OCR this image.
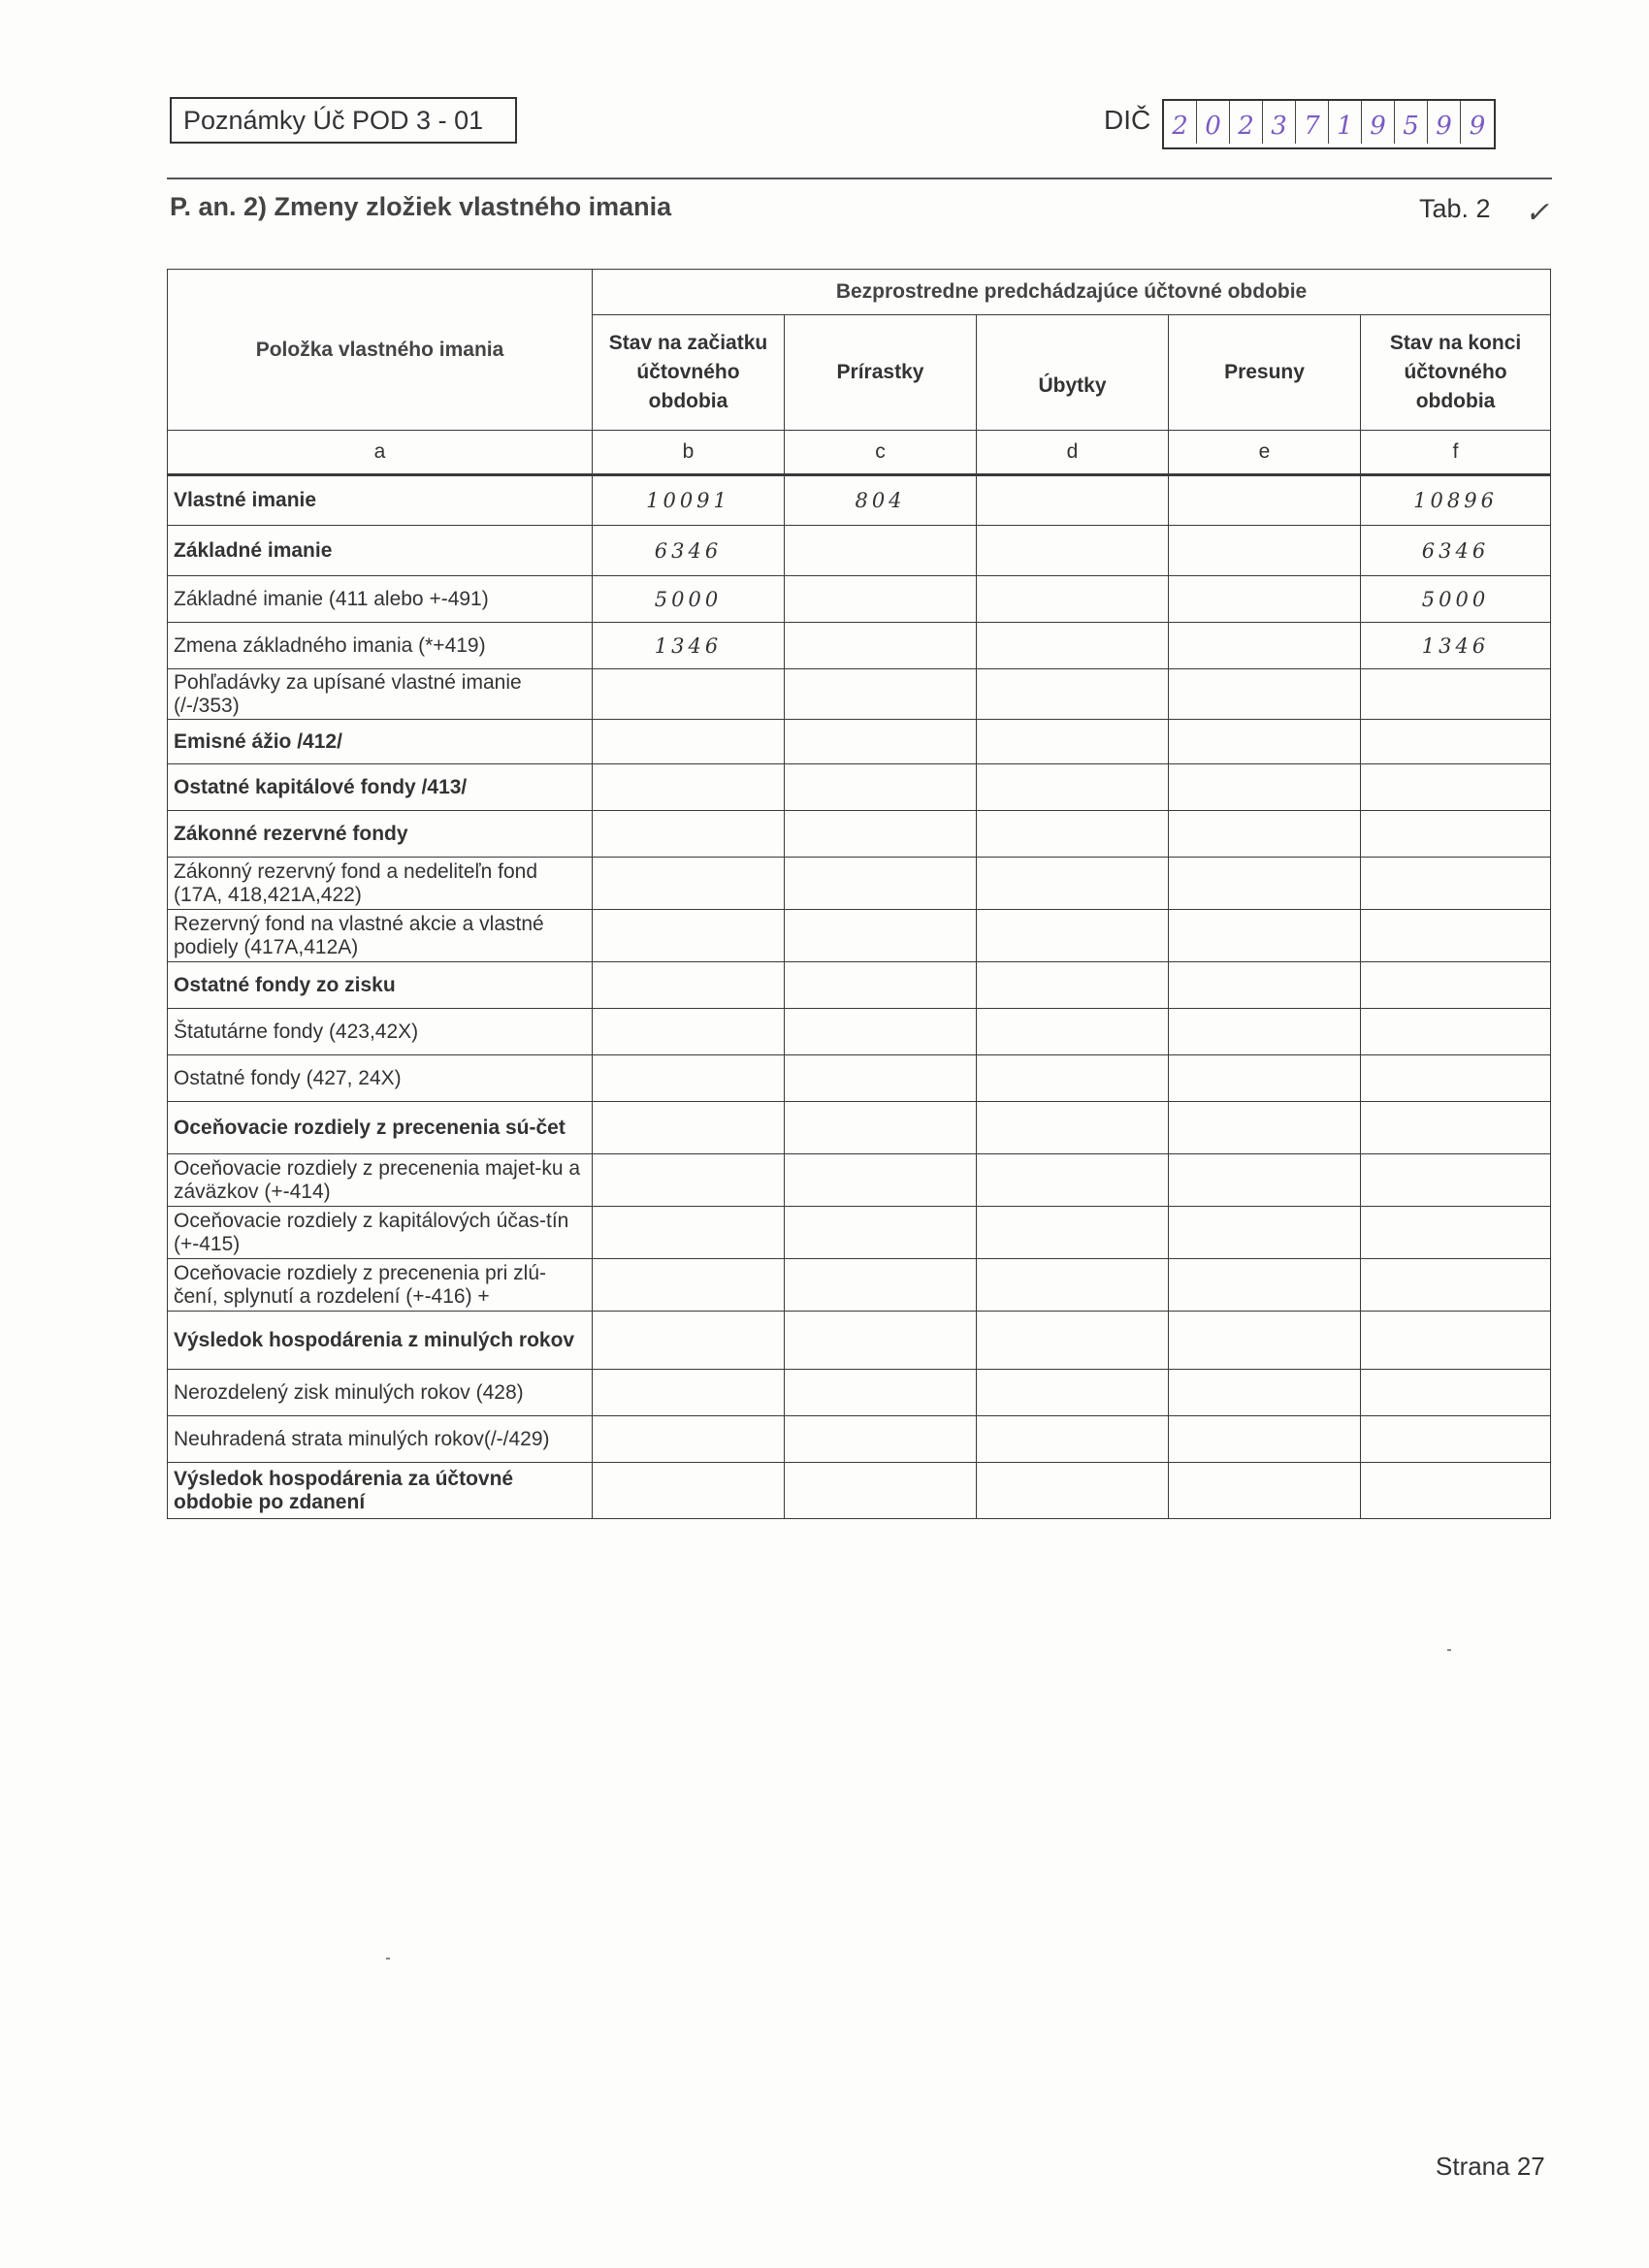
Poznámky Úč POD 3 - 01	DIČ 2 0 2 3 7 1 9 5 9 9
P. an. 2) Zmeny zložiek vlastného imania	Tab. 2 ✓
Položka vlastného imania	Bezprostredne predchádzajúce účtovné obdobie				
	Stav na začiatku účtovného obdobia	Prírastky	Úbytky	Presuny	Stav na konci účtovného obdobia
a	b	c	d	e	f
Vlastné imanie	10091	804			10896
Základné imanie	6346				6346
Základné imanie (411 alebo +-491)	5000				5000
Zmena základného imania (*+419)	1346				1346
Pohľadávky za upísané vlastné imanie (/-/353)					
Emisné ážio /412/					
Ostatné kapitálové fondy /413/					
Zákonné rezervné fondy					
Zákonný rezervný fond a nedeliteľn fond (17A, 418,421A,422)					
Rezervný fond na vlastné akcie a vlastné podiely (417A,412A)					
Ostatné fondy zo zisku					
Štatutárne fondy (423,42X)					
Ostatné fondy (427, 24X)					
Oceňovacie rozdiely z precenenia sú-čet					
Oceňovacie rozdiely z precenenia majet-ku a záväzkov (+-414)					
Oceňovacie rozdiely z kapitálových účas-tín (+-415)					
Oceňovacie rozdiely z precenenia pri zlú-čení, splynutí a rozdelení (+-416) +					
Výsledok hospodárenia z minulých rokov					
Nerozdelený zisk minulých rokov (428)					
Neuhradená strata minulých rokov(/-/429)					
Výsledok hospodárenia za účtovné obdobie po zdanení					
Strana 27
